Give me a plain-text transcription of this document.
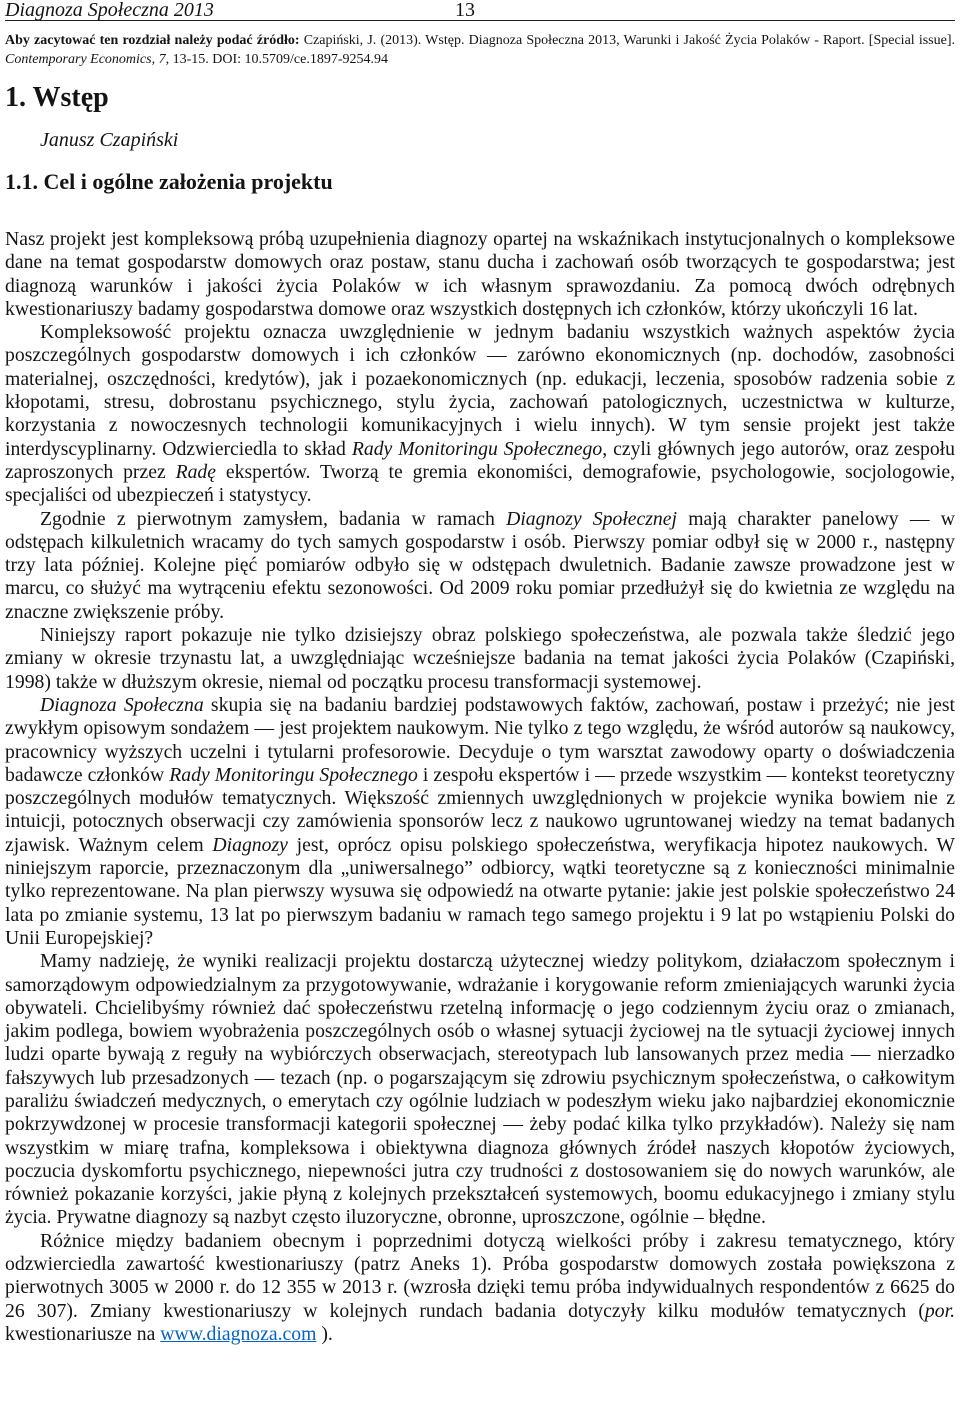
Diagnoza Społeczna 2013	13
Aby zacytować ten rozdział należy podać źródło: Czapiński, J. (2013). Wstęp. Diagnoza Społeczna 2013, Warunki i Jakość Życia Polaków - Raport. [Special issue]. Contemporary Economics, 7, 13-15. DOI: 10.5709/ce.1897-9254.94
1. Wstęp
Janusz Czapiński
1.1. Cel i ogólne założenia projektu

Nasz projekt jest kompleksową próbą uzupełnienia diagnozy opartej na wskaźnikach instytucjonalnych o kompleksowe dane na temat gospodarstw domowych oraz postaw, stanu ducha i zachowań osób tworzących te gospodarstwa; jest diagnozą warunków i jakości życia Polaków w ich własnym sprawozdaniu. Za pomocą dwóch odrębnych kwestionariuszy badamy gospodarstwa domowe oraz wszystkich dostępnych ich członków, którzy ukończyli 16 lat.

Kompleksowość projektu oznacza uwzględnienie w jednym badaniu wszystkich ważnych aspektów życia poszczególnych gospodarstw domowych i ich członków — zarówno ekonomicznych (np. dochodów, zasobności materialnej, oszczędności, kredytów), jak i pozaekonomicznych (np. edukacji, leczenia, sposobów radzenia sobie z kłopotami, stresu, dobrostanu psychicznego, stylu życia, zachowań patologicznych, uczestnictwa w kulturze, korzystania z nowoczesnych technologii komunikacyjnych i wielu innych). W tym sensie projekt jest także interdyscyplinarny. Odzwierciedla to skład Rady Monitoringu Społecznego, czyli głównych jego autorów, oraz zespołu zaproszonych przez Radę ekspertów. Tworzą te gremia ekonomiści, demografowie, psychologowie, socjologowie, specjaliści od ubezpieczeń i statystycy.

Zgodnie z pierwotnym zamysłem, badania w ramach Diagnozy Społecznej mają charakter panelowy — w odstępach kilkuletnich wracamy do tych samych gospodarstw i osób. Pierwszy pomiar odbył się w 2000 r., następny trzy lata później. Kolejne pięć pomiarów odbyło się w odstępach dwuletnich. Badanie zawsze prowadzone jest w marcu, co służyć ma wytrąceniu efektu sezonowości. Od 2009 roku pomiar przedłużył się do kwietnia ze względu na znaczne zwiększenie próby.

Niniejszy raport pokazuje nie tylko dzisiejszy obraz polskiego społeczeństwa, ale pozwala także śledzić jego zmiany w okresie trzynastu lat, a uwzględniając wcześniejsze badania na temat jakości życia Polaków (Czapiński, 1998) także w dłuższym okresie, niemal od początku procesu transformacji systemowej.

Diagnoza Społeczna skupia się na badaniu bardziej podstawowych faktów, zachowań, postaw i przeżyć; nie jest zwykłym opisowym sondażem — jest projektem naukowym. Nie tylko z tego względu, że wśród autorów są naukowcy, pracownicy wyższych uczelni i tytularni profesorowie. Decyduje o tym warsztat zawodowy oparty o doświadczenia badawcze członków Rady Monitoringu Społecznego i zespołu ekspertów i — przede wszystkim — kontekst teoretyczny poszczególnych modułów tematycznych. Większość zmiennych uwzględnionych w projekcie wynika bowiem nie z intuicji, potocznych obserwacji czy zamówienia sponsorów lecz z naukowo ugruntowanej wiedzy na temat badanych zjawisk. Ważnym celem Diagnozy jest, oprócz opisu polskiego społeczeństwa, weryfikacja hipotez naukowych. W niniejszym raporcie, przeznaczonym dla „uniwersalnego” odbiorcy, wątki teoretyczne są z konieczności minimalnie tylko reprezentowane. Na plan pierwszy wysuwa się odpowiedź na otwarte pytanie: jakie jest polskie społeczeństwo 24 lata po zmianie systemu, 13 lat po pierwszym badaniu w ramach tego samego projektu i 9 lat po wstąpieniu Polski do Unii Europejskiej?

Mamy nadzieję, że wyniki realizacji projektu dostarczą użytecznej wiedzy politykom, działaczom społecznym i samorządowym odpowiedzialnym za przygotowywanie, wdrażanie i korygowanie reform zmieniających warunki życia obywateli. Chcielibyśmy również dać społeczeństwu rzetelną informację o jego codziennym życiu oraz o zmianach, jakim podlega, bowiem wyobrażenia poszczególnych osób o własnej sytuacji życiowej na tle sytuacji życiowej innych ludzi oparte bywają z reguły na wybiórczych obserwacjach, stereotypach lub lansowanych przez media — nierzadko fałszywych lub przesadzonych — tezach (np. o pogarszającym się zdrowiu psychicznym społeczeństwa, o całkowitym paraliżu świadczeń medycznych, o emerytach czy ogólnie ludziach w podeszłym wieku jako najbardziej ekonomicznie pokrzywdzonej w procesie transformacji kategorii społecznej — żeby podać kilka tylko przykładów). Należy się nam wszystkim w miarę trafna, kompleksowa i obiektywna diagnoza głównych źródeł naszych kłopotów życiowych, poczucia dyskomfortu psychicznego, niepewności jutra czy trudności z dostosowaniem się do nowych warunków, ale również pokazanie korzyści, jakie płyną z kolejnych przekształceń systemowych, boomu edukacyjnego i zmiany stylu życia. Prywatne diagnozy są nazbyt często iluzoryczne, obronne, uproszczone, ogólnie – błędne.

Różnice między badaniem obecnym i poprzednimi dotyczą wielkości próby i zakresu tematycznego, który odzwierciedla zawartość kwestionariuszy (patrz Aneks 1). Próba gospodarstw domowych została powiększona z pierwotnych 3005 w 2000 r. do 12 355 w 2013 r. (wzrosła dzięki temu próba indywidualnych respondentów z 6625 do 26 307). Zmiany kwestionariuszy w kolejnych rundach badania dotyczyły kilku modułów tematycznych (por. kwestionariusze na www.diagnoza.com ).
